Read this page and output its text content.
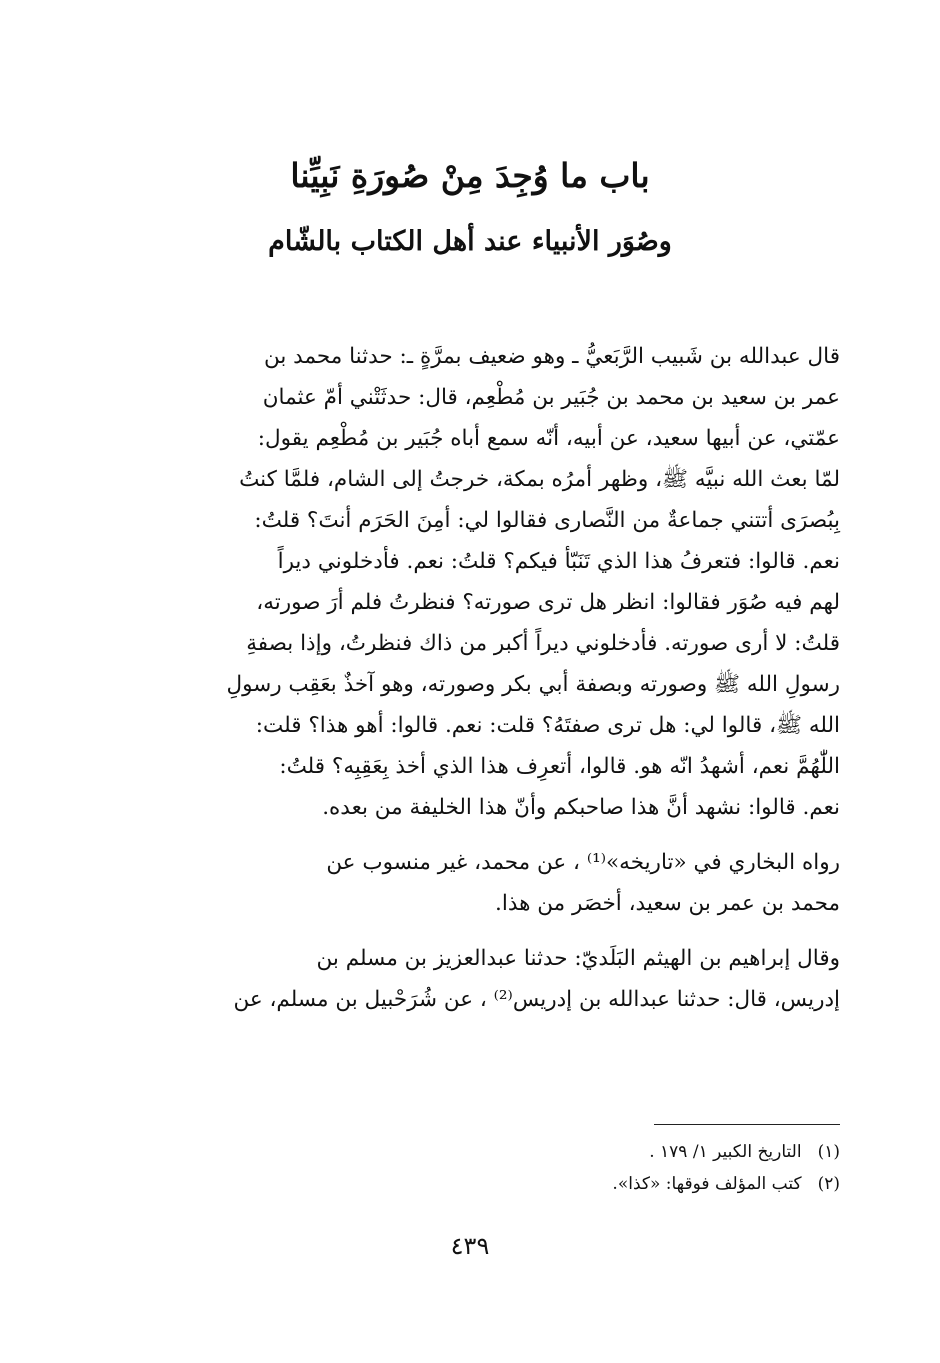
باب ما وُجِدَ مِنْ صُورَةِ نَبِيِّنا
وصُوَر الأنبياء عند أهل الكتاب بالشّام

قال عبدالله بن شَبيب الرَّبَعيُّ ـ وهو ضعيف بمرَّةٍ ـ: حدثنا محمد بن
عمر بن سعيد بن محمد بن جُبَير بن مُطْعِم، قال: حدثَتْني أمّ عثمان
عمّتي، عن أبيها سعيد، عن أبيه، أنّه سمع أباه جُبَير بن مُطْعِم يقول:
لمّا بعث الله نبيَّه ﷺ، وظهر أمرُه بمكة، خرجتُ إلى الشام، فلمَّا كنتُ
بِبُصرَى أتتني جماعةٌ من النَّصارى فقالوا لي: أمِنَ الحَرَم أنتَ؟ قلتُ:
نعم. قالوا: فتعرفُ هذا الذي تَنَبّأ فيكم؟ قلتُ: نعم. فأدخلوني ديراً
لهم فيه صُوَر فقالوا: انظر هل ترى صورته؟ فنظرتُ فلم أرَ صورته،
قلتُ: لا أرى صورته. فأدخلوني ديراً أكبر من ذاك فنظرتُ، وإذا بصفةِ
رسولِ الله ﷺ وصورته وبصفة أبي بكر وصورته، وهو آخذٌ بعَقِب رسولِ
الله ﷺ، قالوا لي: هل ترى صفتَهُ؟ قلت: نعم. قالوا: أهو هذا؟ قلت:
اللّٰهُمَّ نعم، أشهدُ انّه هو. قالوا، أتعرِف هذا الذي أخذ بِعَقِبِه؟ قلتُ:
نعم. قالوا: نشهد أنَّ هذا صاحبكم وأنّ هذا الخليفة من بعده.

رواه البخاري في «تاريخه»⁽¹⁾ ، عن محمد، غير منسوب عن
محمد بن عمر بن سعيد، أخصَر من هذا.

وقال إبراهيم بن الهيثم البَلَديّ: حدثنا عبدالعزيز بن مسلم بن
إدريس، قال: حدثنا عبدالله بن إدريس⁽²⁾ ، عن شُرَحْبيل بن مسلم، عن

(١)التاريخ الكبير ١/ ١٧٩ .
(٢)كتب المؤلف فوقها: «كذا».
٤٣٩
